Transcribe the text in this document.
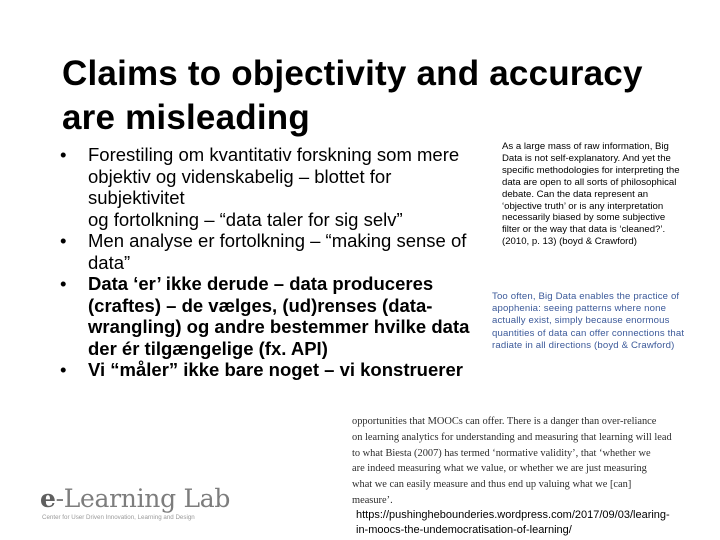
Claims to objectivity and accuracy
are misleading
• Forestiling om kvantitativ forskning som mere
objektiv og videnskabelig – blottet for subjektivitet
og fortolkning – “data taler for sig selv”
• Men analyse er fortolkning – “making sense of
data”
• Data ‘er’ ikke derude – data produceres
(craftes) – de vælges, (ud)renses (data-
wrangling) og andre bestemmer hvilke data
der ér tilgængelige (fx. API)
• Vi “måler” ikke bare noget – vi konstruerer
As a large mass of raw information, Big
Data is not self-explanatory. And yet the
specific methodologies for interpreting the
data are open to all sorts of philosophical
debate. Can the data represent an
‘objective truth’ or is any interpretation
necessarily biased by some subjective
filter or the way that data is ‘cleaned?’.
(2010, p. 13) (boyd & Crawford)
Too often, Big Data enables the practice of
apophenia: seeing patterns where none
actually exist, simply because enormous
quantities of data can offer connections that
radiate in all directions (boyd & Crawford)
opportunities that MOOCs can offer. There is a danger than over-reliance
on learning analytics for understanding and measuring that learning will lead
to what Biesta (2007) has termed ‘normative validity’, that ‘whether we
are indeed measuring what we value, or whether we are just measuring
what we can easily measure and thus end up valuing what we [can]
measure’.
https://pushinghebounderies.wordpress.com/2017/09/03/learing-
in-moocs-the-undemocratisation-of-learning/
e-Learning Lab
Center for User Driven Innovation, Learning and Design
